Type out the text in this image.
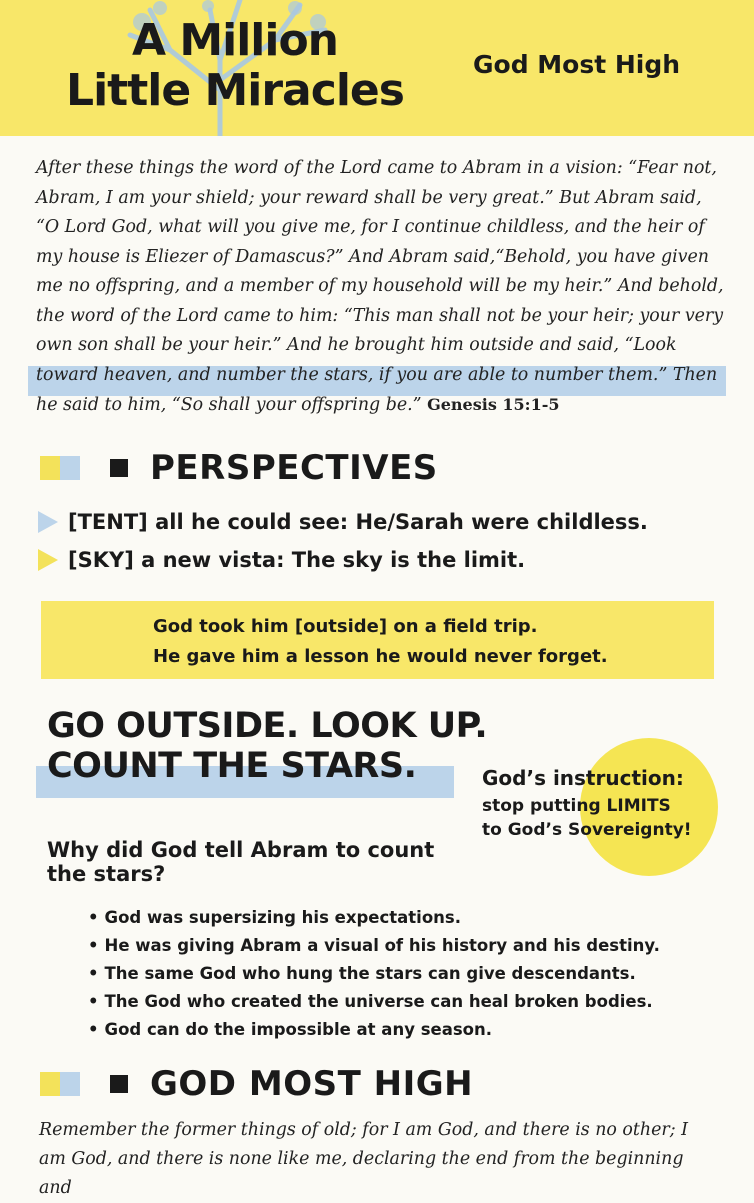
A Million
Little Miracles
God Most High

After these things the word of the Lord came to Abram in a vision: “Fear not, Abram, I am your shield; your reward shall be very great.” But Abram said, “O Lord God, what will you give me, for I continue childless, and the heir of my house is Eliezer of Damascus?” And Abram said,“Behold, you have given me no offspring, and a member of my household will be my heir.” And behold, the word of the Lord came to him: “This man shall not be your heir; your very own son shall be your heir.” And he brought him outside and said, “Look toward heaven, and number the stars, if you are able to number them.” Then he said to him, “So shall your offspring be.” Genesis 15:1-5

PERSPECTIVES
[TENT] all he could see: He/Sarah were childless.
[SKY] a new vista: The sky is the limit.

God took him [outside] on a field trip.

He gave him a lesson he would never forget.

GO OUTSIDE. LOOK UP.
COUNT THE STARS.	God’s instruction:

stop putting LIMITS
to God’s Sovereignty!

Why did God tell Abram to count the stars?

• God was supersizing his expectations.
• He was giving Abram a visual of his history and his destiny.
• The same God who hung the stars can give descendants.
• The God who created the universe can heal broken bodies.
• God can do the impossible at any season.
GOD MOST HIGH

Remember the former things of old; for I am God, and there is no other; I am God, and there is none like me, declaring the end from the beginning and
